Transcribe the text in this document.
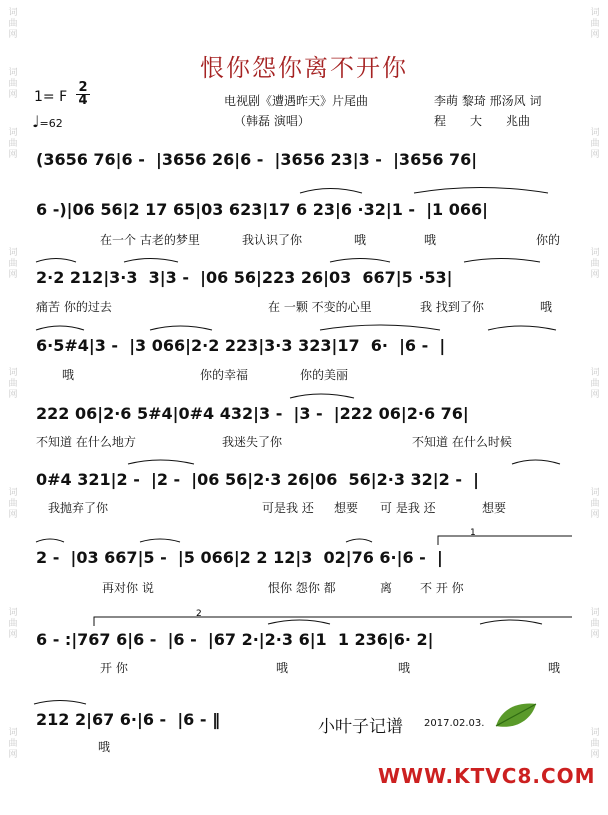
词
曲
网
词
曲
网
词
曲
网
词
曲
网
词
曲
网
词
曲
网
词
曲
网
词
曲
网
词
曲
网
词
曲
网
词
曲
网
词
曲
网
词
曲
网
词
曲
网
词
曲
网
恨你怨你离不开你
1= F
2
4
♩=62
电视剧《遭遇昨天》片尾曲
（韩磊 演唱）
李萌 黎琦 邢汤风 词
程　　大　　兆曲
(3656 76|6 -  |3656 26|6 -  |3656 23|3 -  |3656 76|
6 -)|06 56|2 17 65|03 623|17 6 23|6 ·32|1 -  |1 066|
在一个 古老的梦里	我认识了你	哦	哦	你的
2·2 212|3·3  3|3 -  |06 56|223 26|03  667|5 ·53|
痛苦 你的过去	在 一颗 不变的心里	我 找到了你	哦
6·5#4|3 -  |3 066|2·2 223|3·3 323|17  6·  |6 -  |
哦	你的幸福	你的美丽
222 06|2·6 5#4|0#4 432|3 -  |3 -  |222 06|2·6 76|
不知道 在什么地方	我迷失了你	不知道 在什么时候
0#4 321|2 -  |2 -  |06 56|2·3 26|06  56|2·3 32|2 -  |
我抛弃了你	可是我 还 想要 可 是我 还	想要
2 -  |03 667|5 -  |5 066|2 2 12|3  02|76 6·|6 -  |
再对你 说	恨你 怨你 都	离 不 开 你
6 - :|767 6|6 -  |6 -  |67 2·|2·3 6|1  1 236|6· 2|
开 你	哦	哦	哦
212 2|67 6·|6 -  |6 - ‖
哦
1
2
小叶子记谱 2017.02.03.
WWW.KTVC8.COM
